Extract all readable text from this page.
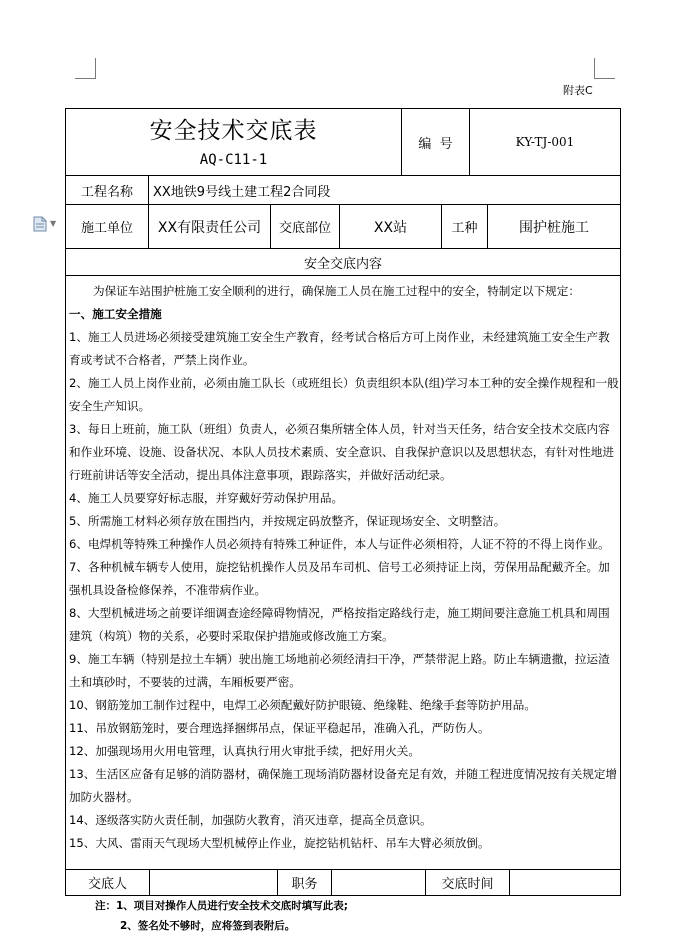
附表C
▼
安全技术交底表
AQ-C11-1
编  号	KY-TJ-001
工程名称	XX地铁9号线土建工程2合同段
施工单位	XX有限责任公司	交底部位	XX站	工种	围护桩施工
安全交底内容

为保证车站围护桩施工安全顺利的进行，确保施工人员在施工过程中的安全，特制定以下规定：

一、施工安全措施

1、施工人员进场必须接受建筑施工安全生产教育，经考试合格后方可上岗作业，未经建筑施工安全生产教育或考试不合格者，严禁上岗作业。

2、施工人员上岗作业前，必须由施工队长（或班组长）负责组织本队(组)学习本工种的安全操作规程和一般安全生产知识。

3、每日上班前，施工队（班组）负责人，必须召集所辖全体人员，针对当天任务，结合安全技术交底内容和作业环境、设施、设备状况、本队人员技术素质、安全意识、自我保护意识以及思想状态，有针对性地进行班前讲话等安全活动，提出具体注意事项，跟踪落实，并做好活动纪录。

4、施工人员要穿好标志服，并穿戴好劳动保护用品。

5、所需施工材料必须存放在围挡内，并按规定码放整齐，保证现场安全、文明整洁。

6、电焊机等特殊工种操作人员必须持有特殊工种证件，本人与证件必须相符，人证不符的不得上岗作业。

7、各种机械车辆专人使用，旋挖钻机操作人员及吊车司机、信号工必须持证上岗，劳保用品配戴齐全。加强机具设备检修保养，不准带病作业。

8、大型机械进场之前要详细调查途经障碍物情况，严格按指定路线行走，施工期间要注意施工机具和周围建筑（构筑）物的关系，必要时采取保护措施或修改施工方案。

9、施工车辆（特别是拉土车辆）驶出施工场地前必须经清扫干净，严禁带泥上路。防止车辆遗撒，拉运渣土和填砂时，不要装的过满，车厢板要严密。

10、钢筋笼加工制作过程中，电焊工必须配戴好防护眼镜、绝缘鞋、绝缘手套等防护用品。

11、吊放钢筋笼时，要合理选择捆绑吊点，保证平稳起吊，准确入孔，严防伤人。

12、加强现场用火用电管理，认真执行用火审批手续，把好用火关。

13、生活区应备有足够的消防器材，确保施工现场消防器材设备充足有效，并随工程进度情况按有关规定增加防火器材。

14、逐级落实防火责任制，加强防火教育，消灭违章，提高全员意识。

15、大风、雷雨天气现场大型机械停止作业，旋挖钻机钻杆、吊车大臂必须放倒。

交底人	职务	交底时间
注：1、项目对操作人员进行安全技术交底时填写此表;
2、签名处不够时，应将签到表附后。
